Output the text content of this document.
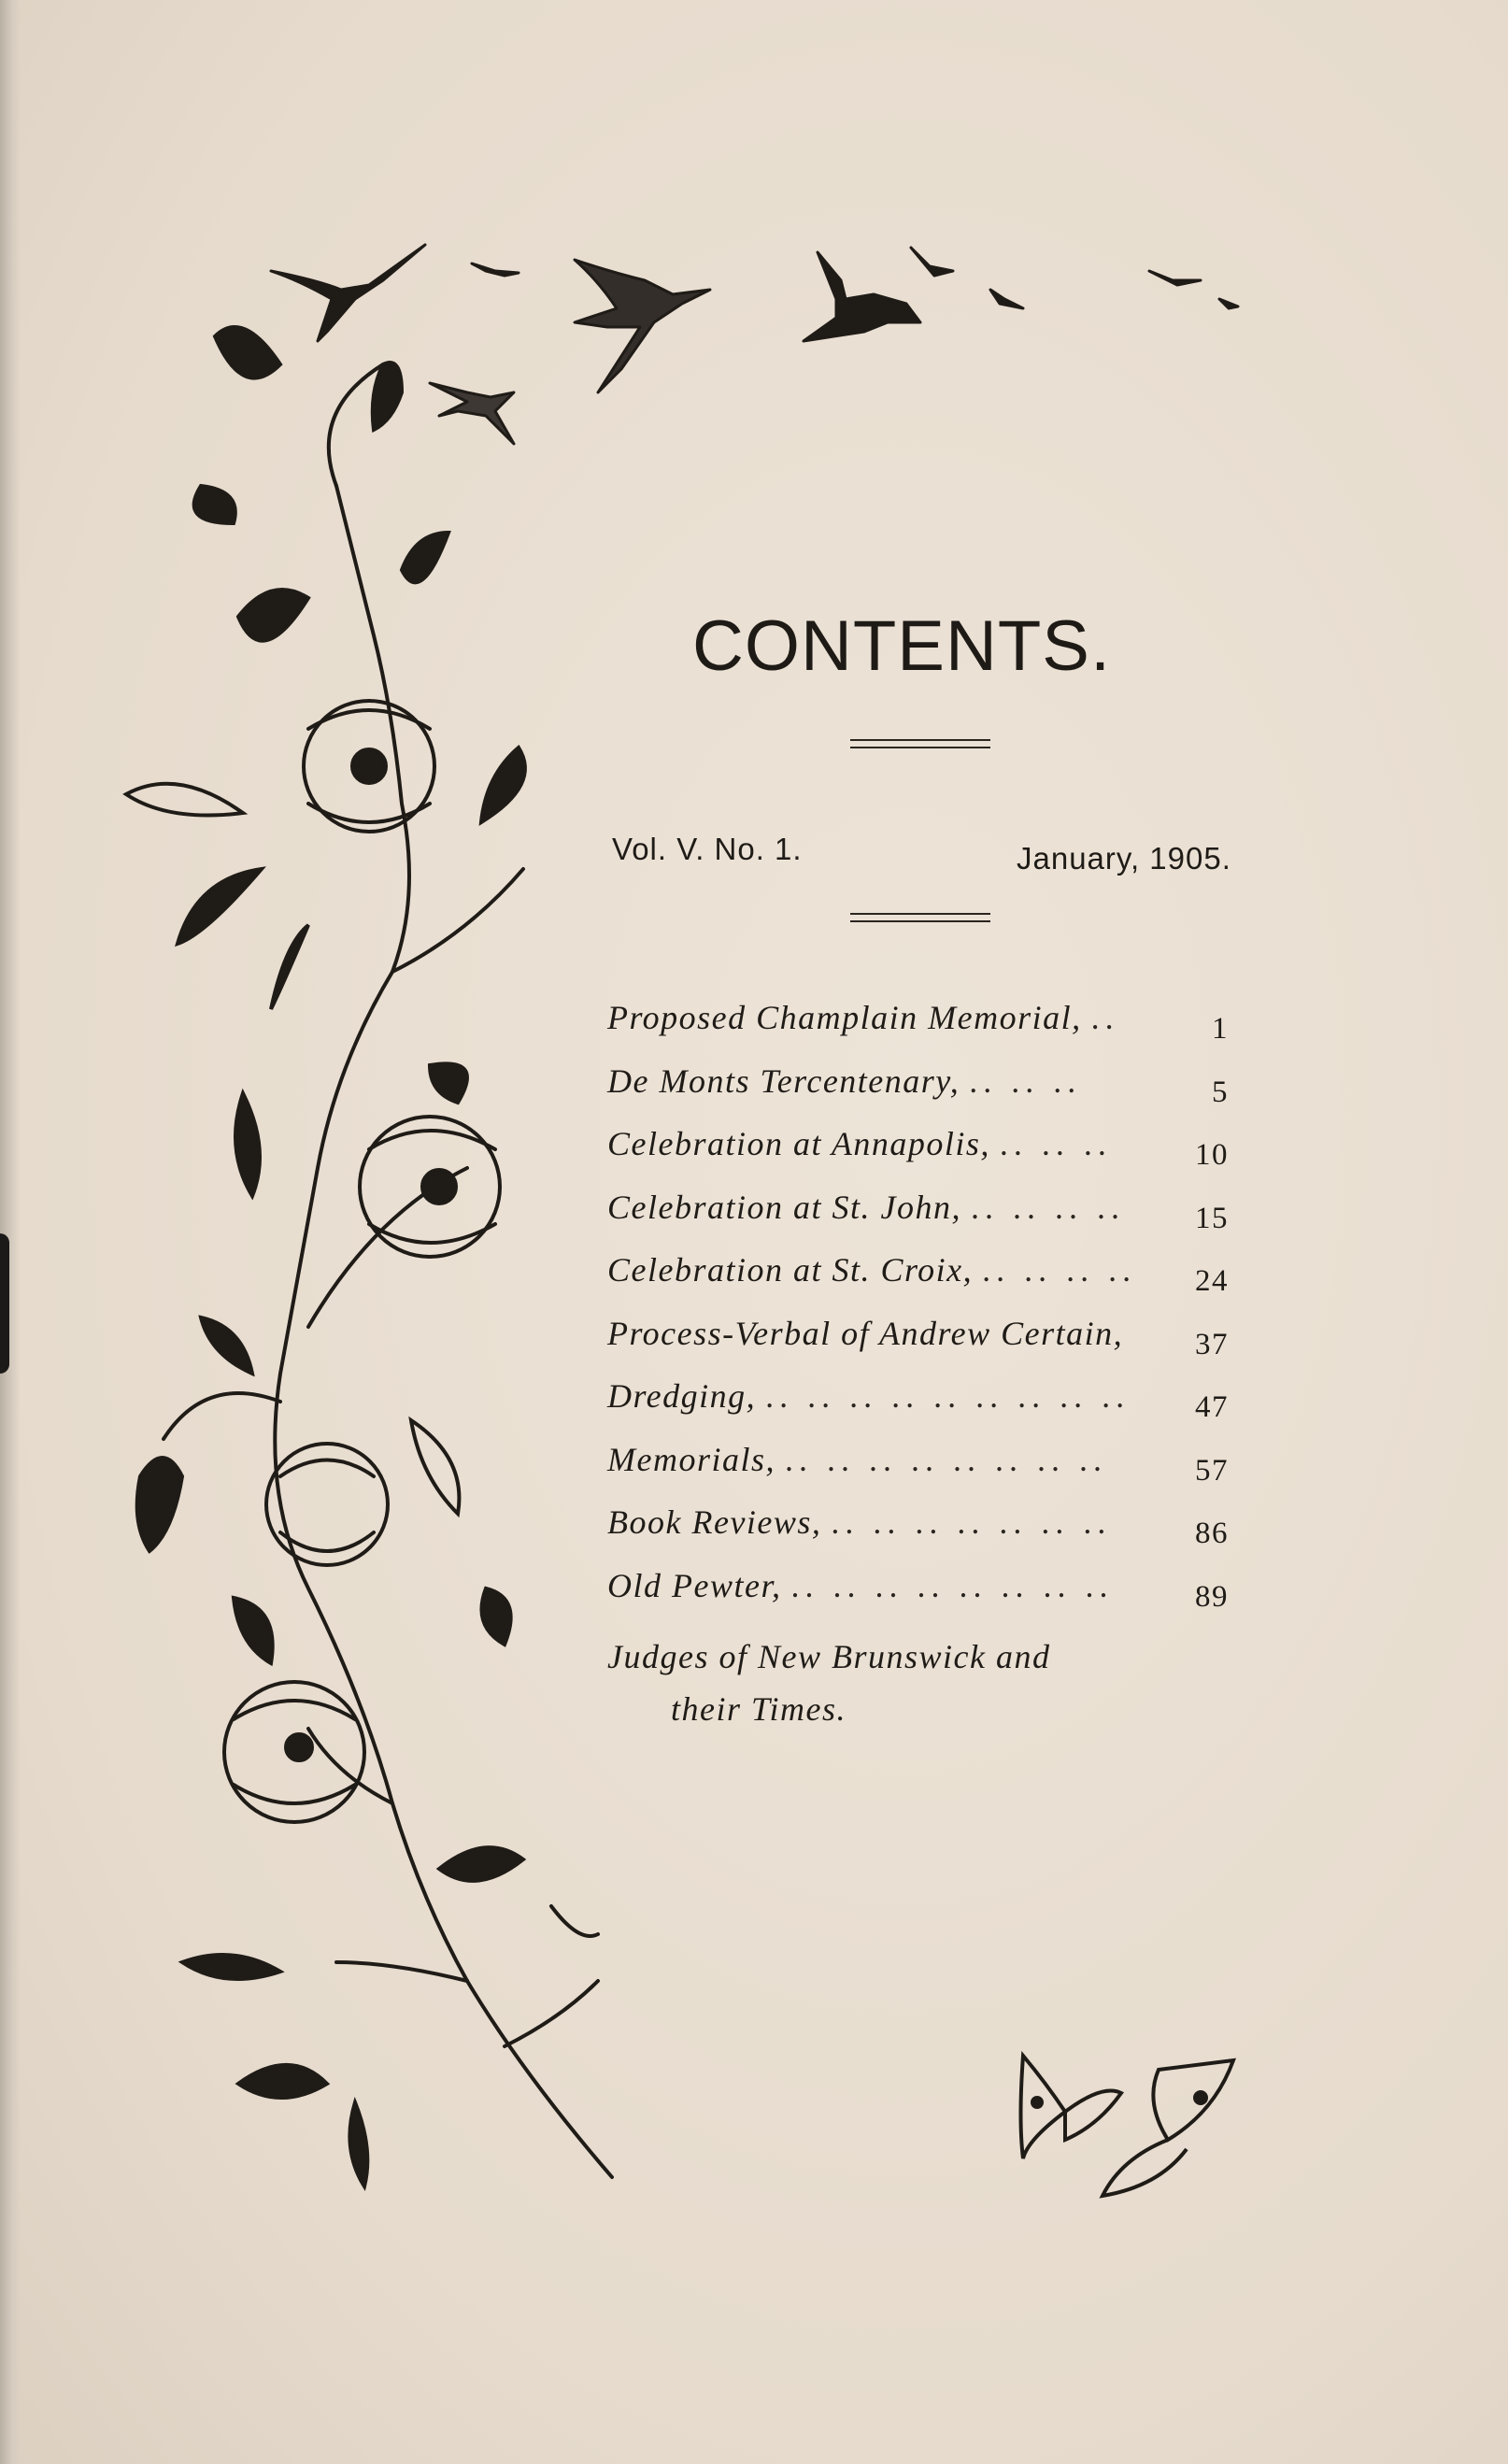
CONTENTS.
Vol. V. No. 1.	January, 1905.
Proposed Champlain Memorial, ..	1
De Monts Tercentenary, .. .. ..	5
Celebration at Annapolis, .. .. ..	10
Celebration at St. John, .. .. .. ..	15
Celebration at St. Croix, .. .. .. ..	24
Process-Verbal of Andrew Certain,	37
Dredging, .. .. .. .. .. .. .. .. ..	47
Memorials, .. .. .. .. .. .. .. ..	57
Book Reviews, .. .. .. .. .. .. ..	86
Old Pewter, .. .. .. .. .. .. .. ..	89
Judges of New Brunswick and
their Times.
